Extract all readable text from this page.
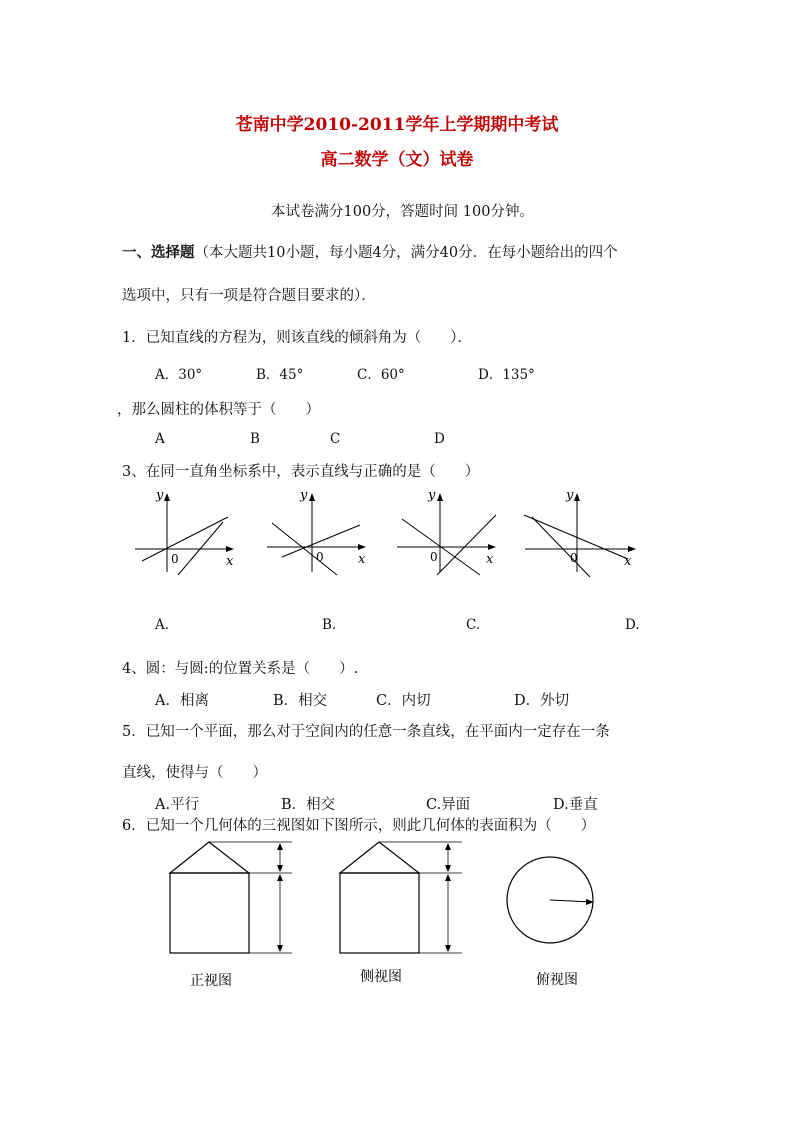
苍南中学2010-2011学年上学期期中考试
高二数学（文）试卷
本试卷满分100分，答题时间 100分钟。
一、选择题（本大题共10小题，每小题4分，满分40分．在每小题给出的四个
选项中，只有一项是符合题目要求的）．
1．已知直线的方程为，则该直线的倾斜角为（　　）．
A．30°	B．45°	C．60°	D．135°
，那么圆柱的体积等于（　　）
A	B	C	D
3、在同一直角坐标系中，表示直线与正确的是（　　）
y
x
0
y
x
0
y
x
0
y
x
0
A.	B.	C.	D.
4、圆：与圆:的位置关系是（　　）.
A．相离	B．相交	C．内切	D．外切
5．已知一个平面，那么对于空间内的任意一条直线，在平面内一定存在一条
直线，使得与（　　）
A.平行	B．相交	C.异面	D.垂直
6．已知一个几何体的三视图如下图所示，则此几何体的表面积为（　　）
正视图	侧视图	俯视图
